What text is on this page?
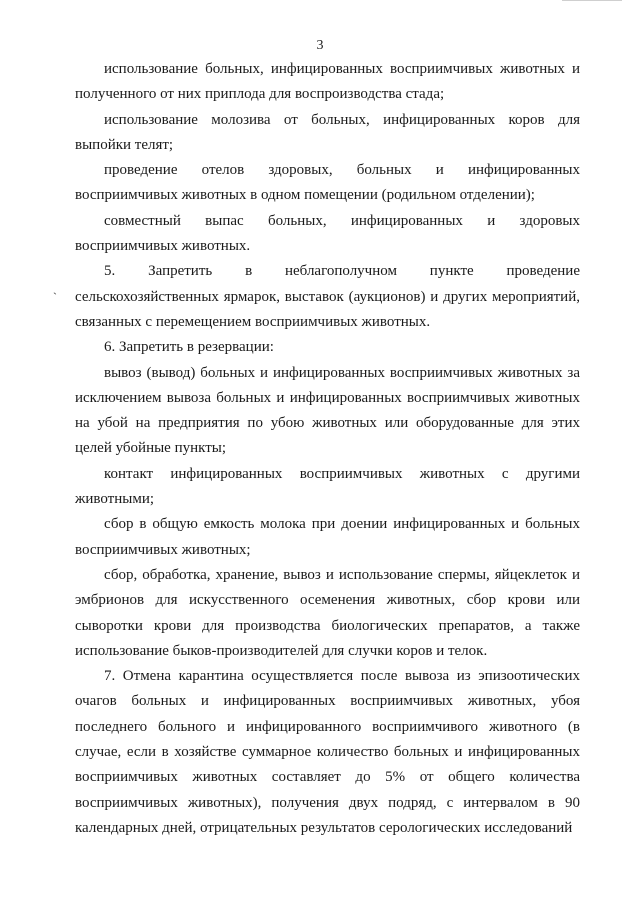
3
`

использование больных, инфицированных восприимчивых животных и полученного от них приплода для воспроизводства стада;

использование молозива от больных, инфицированных коров для выпойки телят;

проведение отелов здоровых, больных и инфицированных восприимчивых животных в одном помещении (родильном отделении);

совместный выпас больных, инфицированных и здоровых восприимчивых животных.

5. Запретить в неблагополучном пункте проведение сельскохозяйственных ярмарок, выставок (аукционов) и других мероприятий, связанных с перемещением восприимчивых животных.

6. Запретить в резервации:

вывоз (вывод) больных и инфицированных восприимчивых животных за исключением вывоза больных и инфицированных восприимчивых животных на убой на предприятия по убою животных или оборудованные для этих целей убойные пункты;

контакт инфицированных восприимчивых животных с другими животными;

сбор в общую емкость молока при доении инфицированных и больных восприимчивых животных;

сбор, обработка, хранение, вывоз и использование спермы, яйцеклеток и эмбрионов для искусственного осеменения животных, сбор крови или сыворотки крови для производства биологических препаратов, а также использование быков-производителей для случки коров и телок.

7. Отмена карантина осуществляется после вывоза из эпизоотических очагов больных и инфицированных восприимчивых животных, убоя последнего больного и инфицированного восприимчивого животного (в случае, если в хозяйстве суммарное количество больных и инфицированных восприимчивых животных составляет до 5% от общего количества восприимчивых животных), получения двух подряд, с интервалом в 90 календарных дней, отрицательных результатов серологических исследований
